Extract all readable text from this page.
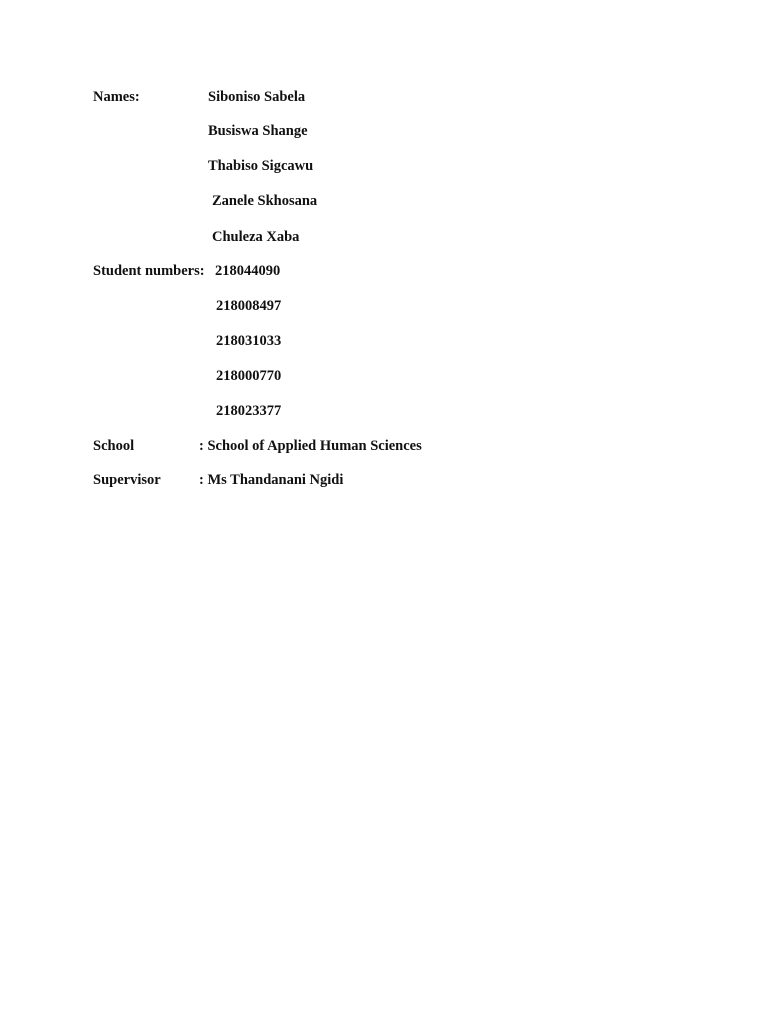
Names:	Siboniso Sabela
Busiswa Shange
Thabiso Sigcawu
Zanele Skhosana
Chuleza Xaba
Student numbers: 218044090
218008497
218031033
218000770
218023377
School	: School of Applied Human Sciences
Supervisor	: Ms Thandanani Ngidi
